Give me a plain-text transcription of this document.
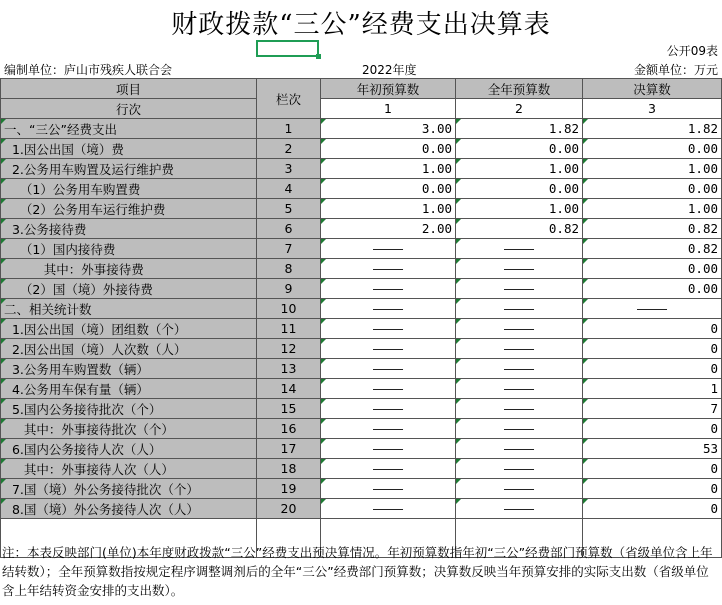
财政拨款“三公”经费支出决算表
公开09表
编制单位：庐山市残疾人联合会	2022年度	金额单位：万元
项目	栏次	年初预算数	全年预算数	决算数
行次		1	2	3
一、“三公”经费支出	1	3.00	1.82	1.82
1.因公出国（境）费	2	0.00	0.00	0.00
2.公务用车购置及运行维护费	3	1.00	1.00	1.00
（1）公务用车购置费	4	0.00	0.00	0.00
（2）公务用车运行维护费	5	1.00	1.00	1.00
3.公务接待费	6	2.00	0.82	0.82
（1）国内接待费	7	————	————	0.82
其中：外事接待费	8	————	————	0.00
（2）国（境）外接待费	9	————	————	0.00
二、相关统计数	10	————	————	————
1.因公出国（境）团组数（个）	11	————	————	0
2.因公出国（境）人次数（人）	12	————	————	0
3.公务用车购置数（辆）	13	————	————	0
4.公务用车保有量（辆）	14	————	————	1
5.国内公务接待批次（个）	15	————	————	7
其中：外事接待批次（个）	16	————	————	0
6.国内公务接待人次（人）	17	————	————	53
其中：外事接待人次（人）	18	————	————	0
7.国（境）外公务接待批次（个）	19	————	————	0
8.国（境）外公务接待人次（人）	20	————	————	0

注：本表反映部门(单位)本年度财政拨款“三公”经费支出预决算情况。年初预算数指年初“三公”经费部门预算数（省级单位含上年结转数）；全年预算数指按规定程序调整调剂后的全年“三公”经费部门预算数；决算数反映当年预算安排的实际支出数（省级单位含上年结转资金安排的支出数）。
